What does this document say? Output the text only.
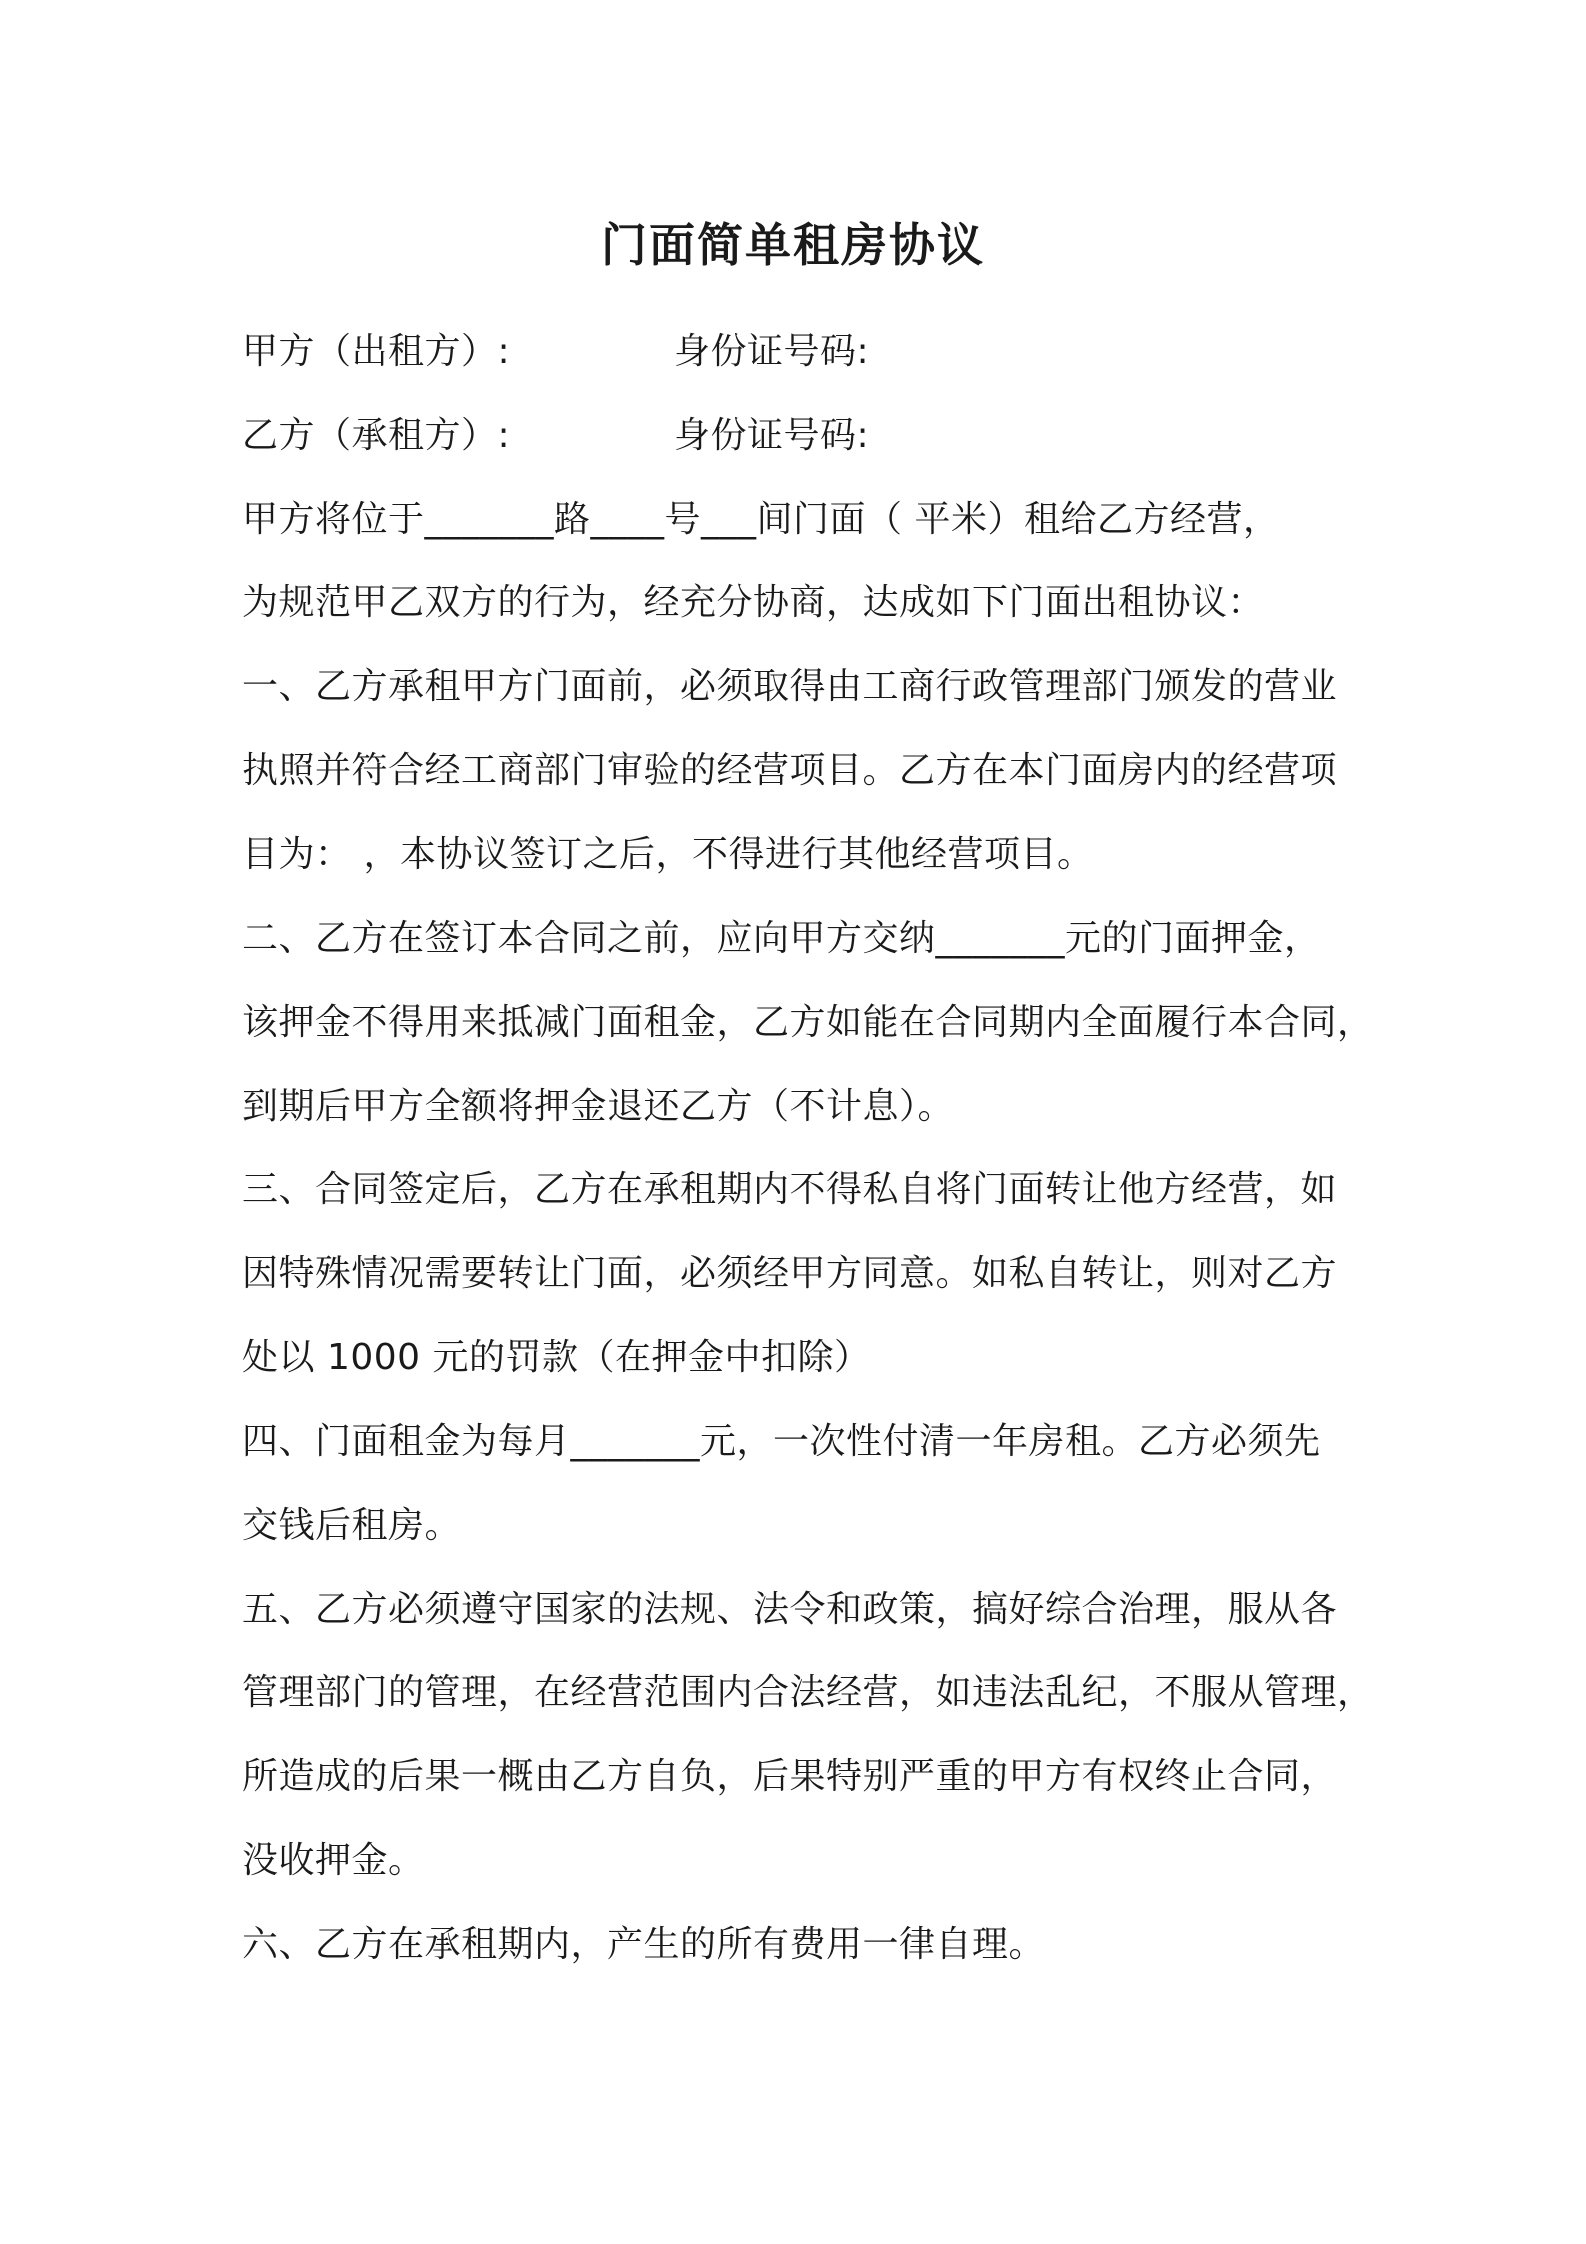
门面简单租房协议
甲方（出租方）:	身份证号码:
乙方（承租方）:	身份证号码:
甲方将位于_______路____号___间门面（ 平米）租给乙方经营，
为规范甲乙双方的行为，经充分协商，达成如下门面出租协议：
一、乙方承租甲方门面前，必须取得由工商行政管理部门颁发的营业
执照并符合经工商部门审验的经营项目。乙方在本门面房内的经营项
目为： ，本协议签订之后，不得进行其他经营项目。
二、乙方在签订本合同之前，应向甲方交纳_______元的门面押金，
该押金不得用来抵减门面租金，乙方如能在合同期内全面履行本合同，
到期后甲方全额将押金退还乙方（不计息）。
三、合同签定后，乙方在承租期内不得私自将门面转让他方经营，如
因特殊情况需要转让门面，必须经甲方同意。如私自转让，则对乙方
处以 1000 元的罚款（在押金中扣除）
四、门面租金为每月_______元，一次性付清一年房租。乙方必须先
交钱后租房。
五、乙方必须遵守国家的法规、法令和政策，搞好综合治理，服从各
管理部门的管理，在经营范围内合法经营，如违法乱纪，不服从管理，
所造成的后果一概由乙方自负，后果特别严重的甲方有权终止合同，
没收押金。
六、乙方在承租期内，产生的所有费用一律自理。
